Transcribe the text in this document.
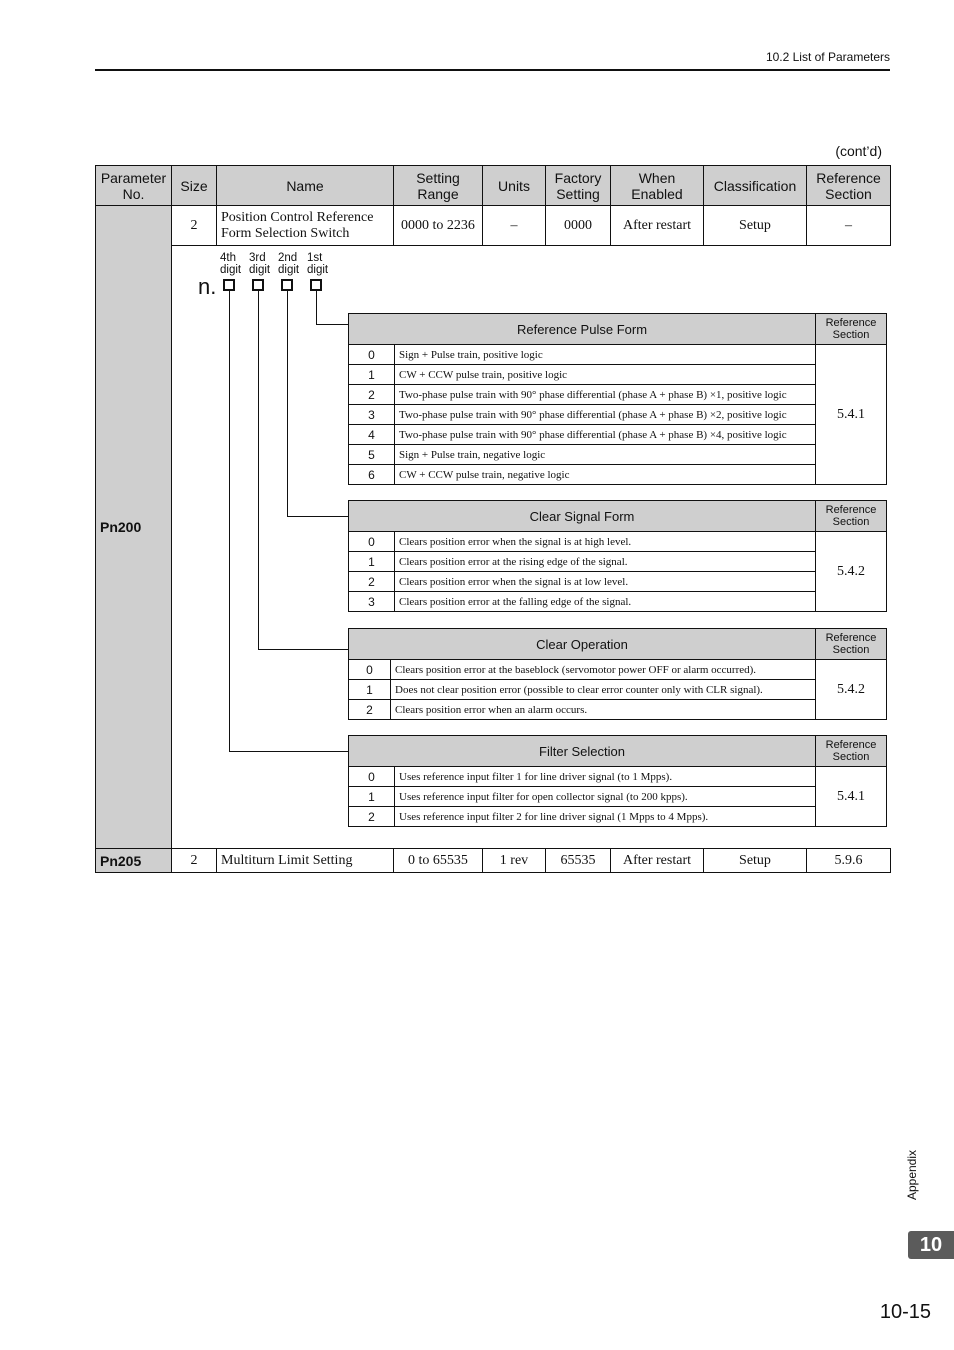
10.2 List of Parameters
(cont’d)
Parameter No.	Size	Name	Setting Range	Units	Factory Setting	When Enabled	Classification	Reference Section
Pn200	2	Position Control Reference Form Selection Switch	0000 to 2236	–	0000	After restart	Setup	–

4th digit
3rd digit
2nd digit
1st digit
n.
Reference Pulse Form	Reference Section
0	Sign + Pulse train, positive logic	5.4.1
1	CW + CCW pulse train, positive logic
2	Two-phase pulse train with 90° phase differential (phase A + phase B) ×1, positive logic
3	Two-phase pulse train with 90° phase differential (phase A + phase B) ×2, positive logic
4	Two-phase pulse train with 90° phase differential (phase A + phase B) ×4, positive logic
5	Sign + Pulse train, negative logic
6	CW + CCW pulse train, negative logic
Clear Signal Form	Reference Section
0	Clears position error when the signal is at high level.	5.4.2
1	Clears position error at the rising edge of the signal.
2	Clears position error when the signal is at low level.
3	Clears position error at the falling edge of the signal.
Clear Operation	Reference Section
0	Clears position error at the baseblock (servomotor power OFF or alarm occurred).	5.4.2
1	Does not clear position error (possible to clear error counter only with CLR signal).
2	Clears position error when an alarm occurs.
Filter Selection	Reference Section
0	Uses reference input filter 1 for line driver signal (to 1 Mpps).	5.4.1
1	Uses reference input filter for open collector signal (to 200 kpps).
2	Uses reference input filter 2 for line driver signal (1 Mpps to 4 Mpps).

Pn205	2	Multiturn Limit Setting	0 to 65535	1 rev	65535	After restart	Setup	5.9.6
Appendix
10
10-15
